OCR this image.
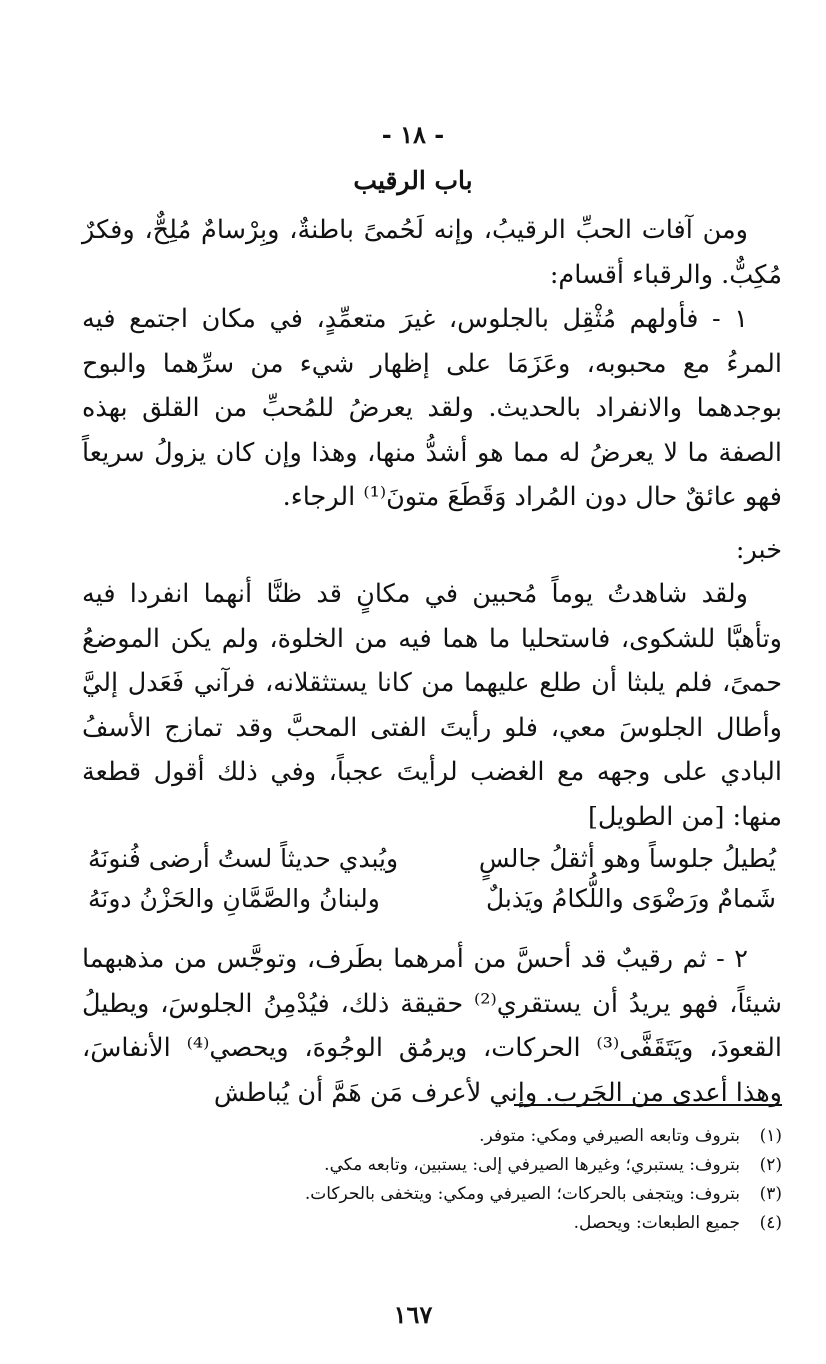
- ١٨ -
باب الرقيب

ومن آفات الحبِّ الرقيبُ، وإنه لَحُمىً باطنةٌ، وبِرْسامٌ مُلِحٌّ، وفكرٌ مُكِبٌّ. والرقباء أقسام:

١ - فأولهم مُثْقِل بالجلوس، غيرَ متعمِّدٍ، في مكان اجتمع فيه المرءُ مع محبوبه، وعَزَمَا على إظهار شيء من سرِّهما والبوح بوجدهما والانفراد بالحديث. ولقد يعرضُ للمُحبِّ من القلق بهذه الصفة ما لا يعرضُ له مما هو أشدُّ منها، وهذا وإن كان يزولُ سريعاً فهو عائقٌ حال دون المُراد وَقَطَعَ متونَ⁽¹⁾ الرجاء.

خبر:

ولقد شاهدتُ يوماً مُحبين في مكانٍ قد ظنَّا أنهما انفردا فيه وتأهبَّا للشكوى، فاستحليا ما هما فيه من الخلوة، ولم يكن الموضعُ حمىً، فلم يلبثا أن طلع عليهما من كانا يستثقلانه، فرآني فَعَدل إليَّ وأطال الجلوسَ معي، فلو رأيتَ الفتى المحبَّ وقد تمازج الأسفُ البادي على وجهه مع الغضب لرأيتَ عجباً، وفي ذلك أقول قطعة منها: [من الطويل]

يُطيلُ جلوساً وهو أثقلُ جالسٍ
ويُبدي حديثاً لستُ أرضى فُنونَهُ
شَمامٌ ورَضْوَى واللُّكامُ ويَذبلٌ
ولبنانُ والصَّمَّانِ والحَزْنُ دونَهُ

٢ - ثم رقيبٌ قد أحسَّ من أمرهما بطَرف، وتوجَّس من مذهبهما شيئاً، فهو يريدُ أن يستقري⁽²⁾ حقيقة ذلك، فيُدْمِنُ الجلوسَ، ويطيلُ القعودَ، ويَتَقَفَّى⁽³⁾ الحركات، ويرمُق الوجُوهَ، ويحصي⁽⁴⁾ الأنفاسَ، وهذا أعدى من الجَرب. وإني لأعرف مَن هَمَّ أن يُباطش

(١)
بتروف وتابعه الصيرفي ومكي: متوفر.
(٢)
بتروف: يستبري؛ وغيرها الصيرفي إلى: يستبين، وتابعه مكي.
(٣)
بتروف: ويتجفى بالحركات؛ الصيرفي ومكي: ويتخفى بالحركات.
(٤)
جميع الطبعات: ويحصل.
١٦٧
